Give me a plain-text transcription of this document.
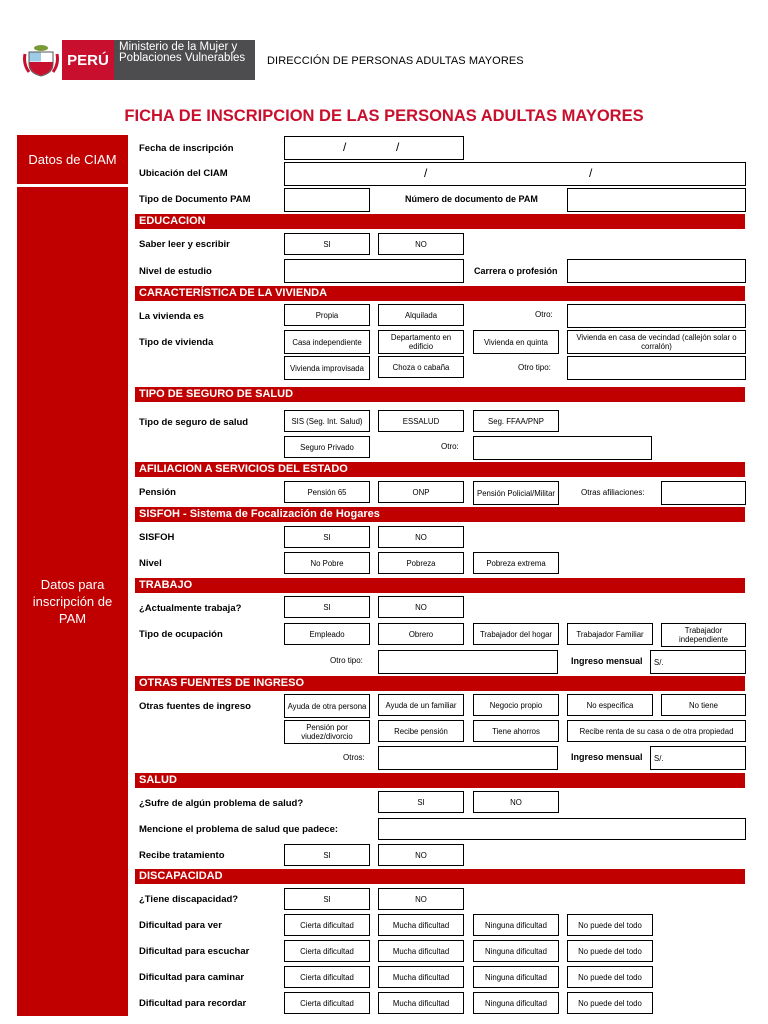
PERÚ
Ministerio de la Mujer y Poblaciones Vulnerables	DIRECCIÓN DE PERSONAS ADULTAS MAYORES
FICHA DE INSCRIPCION DE LAS PERSONAS ADULTAS MAYORES
Datos de CIAM
Datos para inscripción de PAM
Fecha de inscripción	/	/
Ubicación del CIAM	/	/
Tipo de Documento PAM	Número de documento de PAM
EDUCACION
Saber leer y escribir	SI	NO
Nivel de estudio	Carrera o profesión
CARACTERÍSTICA DE LA VIVIENDA
La vivienda es	Propia	Alquilada	Otro:
Tipo de vivienda	Casa independiente	Departamento en edificio	Vivienda en quinta	Vivienda en casa de vecindad (callejón solar o corralón)
Vivienda improvisada	Choza o cabaña	Otro tipo:
TIPO DE SEGURO DE SALUD
Tipo de seguro de salud	SIS (Seg. Int. Salud)	ESSALUD	Seg. FFAA/PNP
Seguro Privado	Otro:
AFILIACION A SERVICIOS DEL ESTADO
Pensión	Pensión 65	ONP	Pensión Policial/Militar	Otras afiliaciones:
SISFOH - Sistema de Focalización de Hogares
SISFOH	SI	NO
Nivel	No Pobre	Pobreza	Pobreza extrema
TRABAJO
¿Actualmente trabaja?	SI	NO
Tipo de ocupación	Empleado	Obrero	Trabajador del hogar	Trabajador Familiar	Trabajador independiente
Otro tipo:	Ingreso mensual	S/.
OTRAS FUENTES DE INGRESO
Otras fuentes de ingreso	Ayuda de otra persona	Ayuda de un familiar	Negocio propio	No especifica	No tiene
Pensión por viudez/divorcio
Recibe pensión	Tiene ahorros	Recibe renta de su casa o de otra propiedad
Otros:	Ingreso mensual	S/.
SALUD
¿Sufre de algún problema de salud?	SI	NO
Mencione el problema de salud que padece:
Recibe tratamiento	SI	NO
DISCAPACIDAD
¿Tiene discapacidad?	SI	NO
Dificultad para ver	Cierta dificultad	Mucha dificultad	Ninguna dificultad	No puede del todo
Dificultad para escuchar	Cierta dificultad	Mucha dificultad	Ninguna dificultad	No puede del todo
Dificultad para caminar	Cierta dificultad	Mucha dificultad	Ninguna dificultad	No puede del todo
Dificultad para recordar	Cierta dificultad	Mucha dificultad	Ninguna dificultad	No puede del todo
